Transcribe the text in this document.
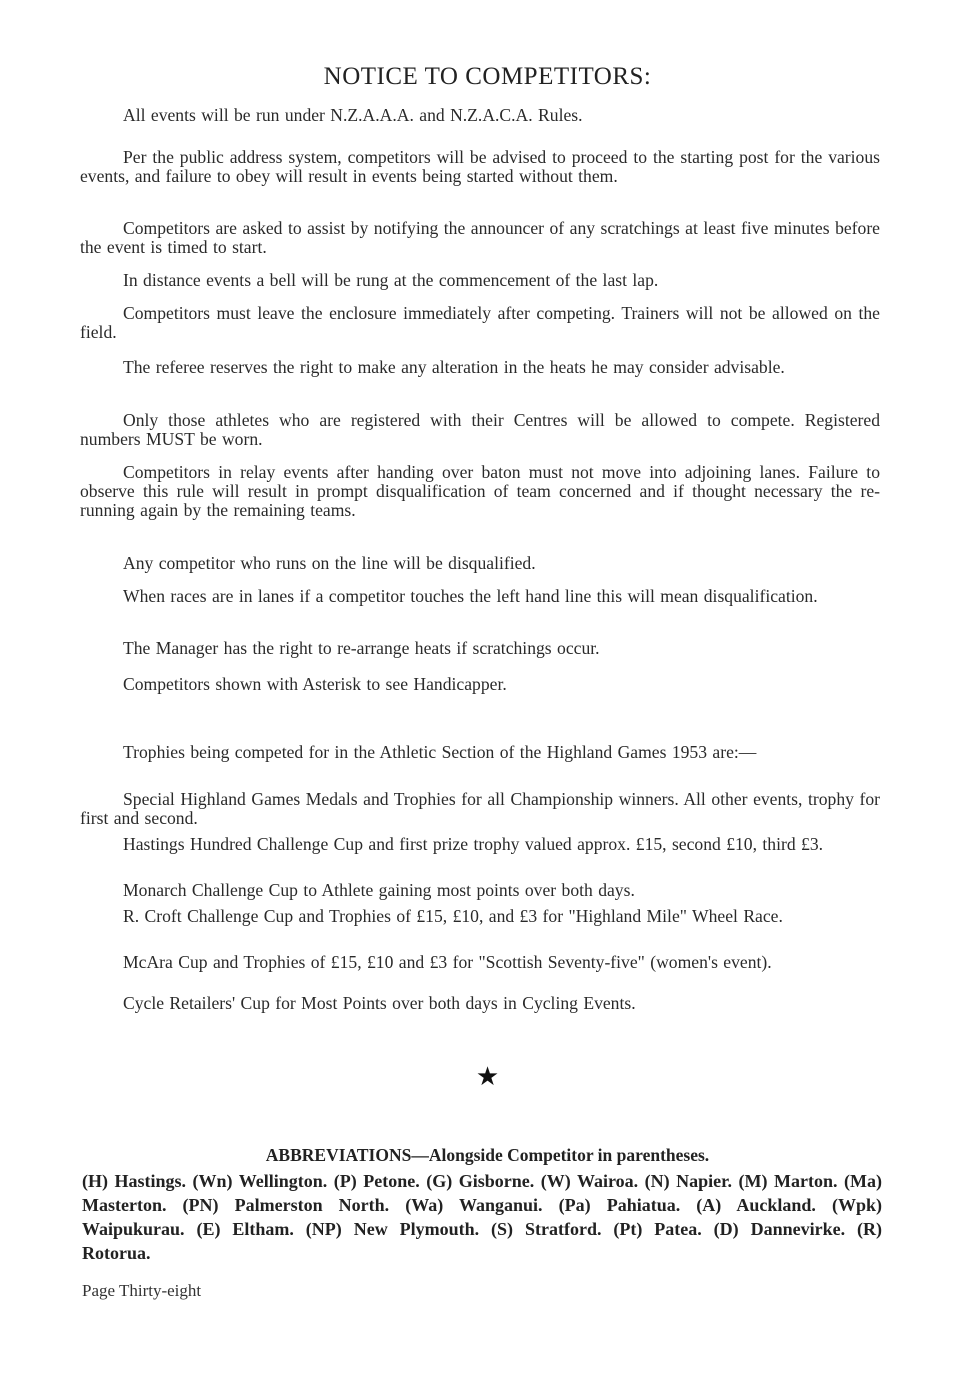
NOTICE TO COMPETITORS:

All events will be run under N.Z.A.A.A. and N.Z.A.C.A. Rules.

Per the public address system, competitors will be advised to proceed to the starting post for the various events, and failure to obey will result in events being started without them.

Competitors are asked to assist by notifying the announcer of any scratchings at least five minutes before the event is timed to start.

In distance events a bell will be rung at the commencement of the last lap.

Competitors must leave the enclosure immediately after competing. Trainers will not be allowed on the field.

The referee reserves the right to make any alteration in the heats he may consider advisable.

Only those athletes who are registered with their Centres will be allowed to compete. Registered numbers MUST be worn.

Competitors in relay events after handing over baton must not move into adjoining lanes. Failure to observe this rule will result in prompt disqualification of team concerned and if thought necessary the re-running again by the remaining teams.

Any competitor who runs on the line will be disqualified.

When races are in lanes if a competitor touches the left hand line this will mean disqualification.

The Manager has the right to re-arrange heats if scratchings occur.

Competitors shown with Asterisk to see Handicapper.

Trophies being competed for in the Athletic Section of the Highland Games 1953 are:—

Special Highland Games Medals and Trophies for all Championship winners. All other events, trophy for first and second.

Hastings Hundred Challenge Cup and first prize trophy valued approx. £15, second £10, third £3.

Monarch Challenge Cup to Athlete gaining most points over both days.

R. Croft Challenge Cup and Trophies of £15, £10, and £3 for "Highland Mile" Wheel Race.

McAra Cup and Trophies of £15, £10 and £3 for "Scottish Seventy-five" (women's event).

Cycle Retailers' Cup for Most Points over both days in Cycling Events.

★
ABBREVIATIONS—Alongside Competitor in parentheses.
(H) Hastings. (Wn) Wellington. (P) Petone. (G) Gisborne. (W) Wairoa. (N) Napier. (M) Marton. (Ma) Masterton. (PN) Palmerston North. (Wa) Wanganui. (Pa) Pahiatua. (A) Auckland. (Wpk) Waipukurau. (E) Eltham. (NP) New Plymouth. (S) Stratford. (Pt) Patea. (D) Dannevirke. (R) Rotorua.
Page Thirty-eight
